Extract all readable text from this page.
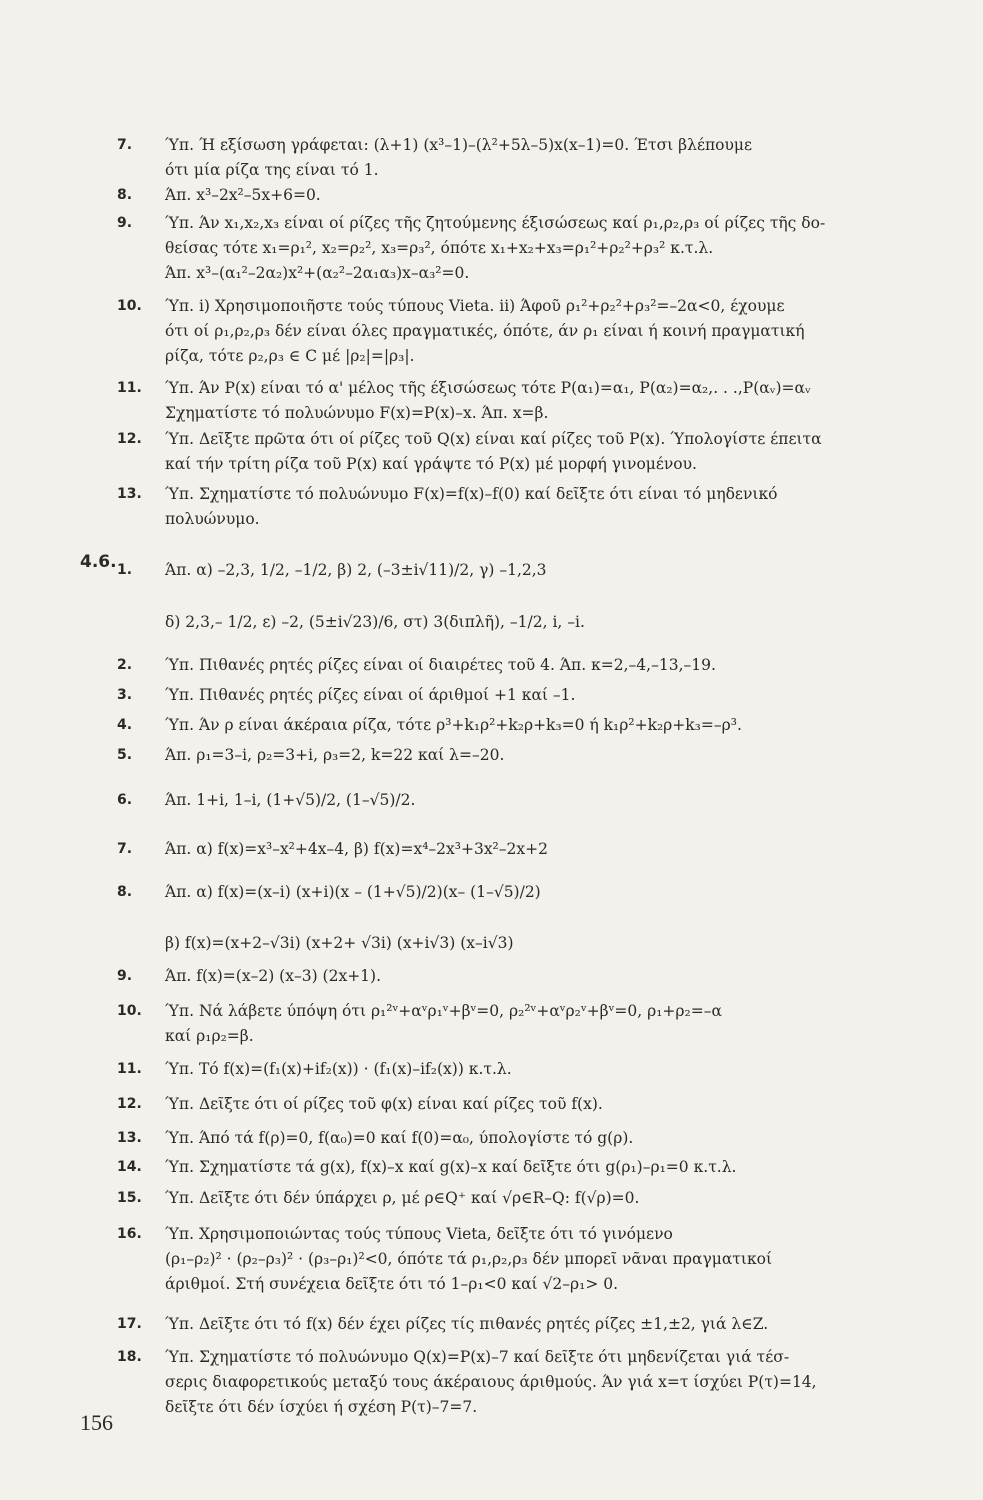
4.6.
7. Ύπ. Ή εξίσωση γράφεται: (λ+1) (x³–1)–(λ²+5λ–5)x(x–1)=0. Έτσι βλέπουμε
ότι μία ρίζα της είναι τό 1.
8. Άπ. x³–2x²–5x+6=0.
9. Ύπ. Άν x₁,x₂,x₃ είναι οί ρίζες τῆς ζητούμενης έξισώσεως καί ρ₁,ρ₂,ρ₃ οί ρίζες τῆς δο-
θείσας τότε x₁=ρ₁², x₂=ρ₂², x₃=ρ₃², όπότε x₁+x₂+x₃=ρ₁²+ρ₂²+ρ₃² κ.τ.λ.
Άπ. x³–(α₁²–2α₂)x²+(α₂²–2α₁α₃)x–α₃²=0.
10. Ύπ. i) Χρησιμοποιῆστε τούς τύπους Vieta. ii) Άφοῦ ρ₁²+ρ₂²+ρ₃²=–2α<0, έχουμε
ότι οί ρ₁,ρ₂,ρ₃ δέν είναι όλες πραγματικές, όπότε, άν ρ₁ είναι ή κοινή πραγματική
ρίζα, τότε ρ₂,ρ₃ ∈ C μέ |ρ₂|=|ρ₃|.
11. Ύπ. Άν P(x) είναι τό α' μέλος τῆς έξισώσεως τότε P(α₁)=α₁, P(α₂)=α₂,. . .,P(αᵥ)=αᵥ
Σχηματίστε τό πολυώνυμο F(x)=P(x)–x. Άπ. x=β.
12. Ύπ. Δεῖξτε πρῶτα ότι οί ρίζες τοῦ Q(x) είναι καί ρίζες τοῦ P(x). Ύπολογίστε έπειτα
καί τήν τρίτη ρίζα τοῦ P(x) καί γράψτε τό P(x) μέ μορφή γινομένου.
13. Ύπ. Σχηματίστε τό πολυώνυμο F(x)=f(x)–f(0) καί δεῖξτε ότι είναι τό μηδενικό
πολυώνυμο.
1. Άπ. α) –2,3, 1/2, –1/2, β) 2, (–3±i√11)/2, γ) –1,2,3
δ) 2,3,– 1/2, ε) –2, (5±i√23)/6, στ) 3(διπλῆ), –1/2, i, –i.
2. Ύπ. Πιθανές ρητές ρίζες είναι οί διαιρέτες τοῦ 4. Άπ. κ=2,–4,–13,–19.
3. Ύπ. Πιθανές ρητές ρίζες είναι οί άριθμοί +1 καί –1.
4. Ύπ. Άν ρ είναι άκέραια ρίζα, τότε ρ³+k₁ρ²+k₂ρ+k₃=0 ή k₁ρ²+k₂ρ+k₃=–ρ³.
5. Άπ. ρ₁=3–i, ρ₂=3+i, ρ₃=2, k=22 καί λ=–20.
6. Άπ. 1+i, 1–i, (1+√5)/2, (1–√5)/2.
7. Άπ. α) f(x)=x³–x²+4x–4, β) f(x)=x⁴–2x³+3x²–2x+2
8. Άπ. α) f(x)=(x–i) (x+i)(x – (1+√5)/2)(x– (1–√5)/2)
β) f(x)=(x+2–√3i) (x+2+ √3i) (x+i√3) (x–i√3)
9. Άπ. f(x)=(x–2) (x–3) (2x+1).
10. Ύπ. Νά λάβετε ύπόψη ότι ρ₁²ᵛ+αᵛρ₁ᵛ+βᵛ=0, ρ₂²ᵛ+αᵛρ₂ᵛ+βᵛ=0, ρ₁+ρ₂=–α
καί ρ₁ρ₂=β.
11. Ύπ. Τό f(x)=(f₁(x)+if₂(x)) · (f₁(x)–if₂(x)) κ.τ.λ.
12. Ύπ. Δεῖξτε ότι οί ρίζες τοῦ φ(x) είναι καί ρίζες τοῦ f(x).
13. Ύπ. Άπό τά f(ρ)=0, f(α₀)=0 καί f(0)=α₀, ύπολογίστε τό g(ρ).
14. Ύπ. Σχηματίστε τά g(x), f(x)–x καί g(x)–x καί δεῖξτε ότι g(ρ₁)–ρ₁=0 κ.τ.λ.
15. Ύπ. Δεῖξτε ότι δέν ύπάρχει ρ, μέ ρ∈Q⁺ καί √ρ∈R–Q: f(√ρ)=0.
16. Ύπ. Χρησιμοποιώντας τούς τύπους Vieta, δεῖξτε ότι τό γινόμενο
(ρ₁–ρ₂)² · (ρ₂–ρ₃)² · (ρ₃–ρ₁)²<0, όπότε τά ρ₁,ρ₂,ρ₃ δέν μπορεῖ νᾶναι πραγματικοί
άριθμοί. Στή συνέχεια δεῖξτε ότι τό 1–ρ₁<0 καί √2–ρ₁> 0.
17. Ύπ. Δεῖξτε ότι τό f(x) δέν έχει ρίζες τίς πιθανές ρητές ρίζες ±1,±2, γιά λ∈Z.
18. Ύπ. Σχηματίστε τό πολυώνυμο Q(x)=P(x)–7 καί δεῖξτε ότι μηδενίζεται γιά τέσ-
σερις διαφορετικούς μεταξύ τους άκέραιους άριθμούς. Άν γιά x=τ ίσχύει P(τ)=14,
δεῖξτε ότι δέν ίσχύει ή σχέση P(τ)–7=7.
156
